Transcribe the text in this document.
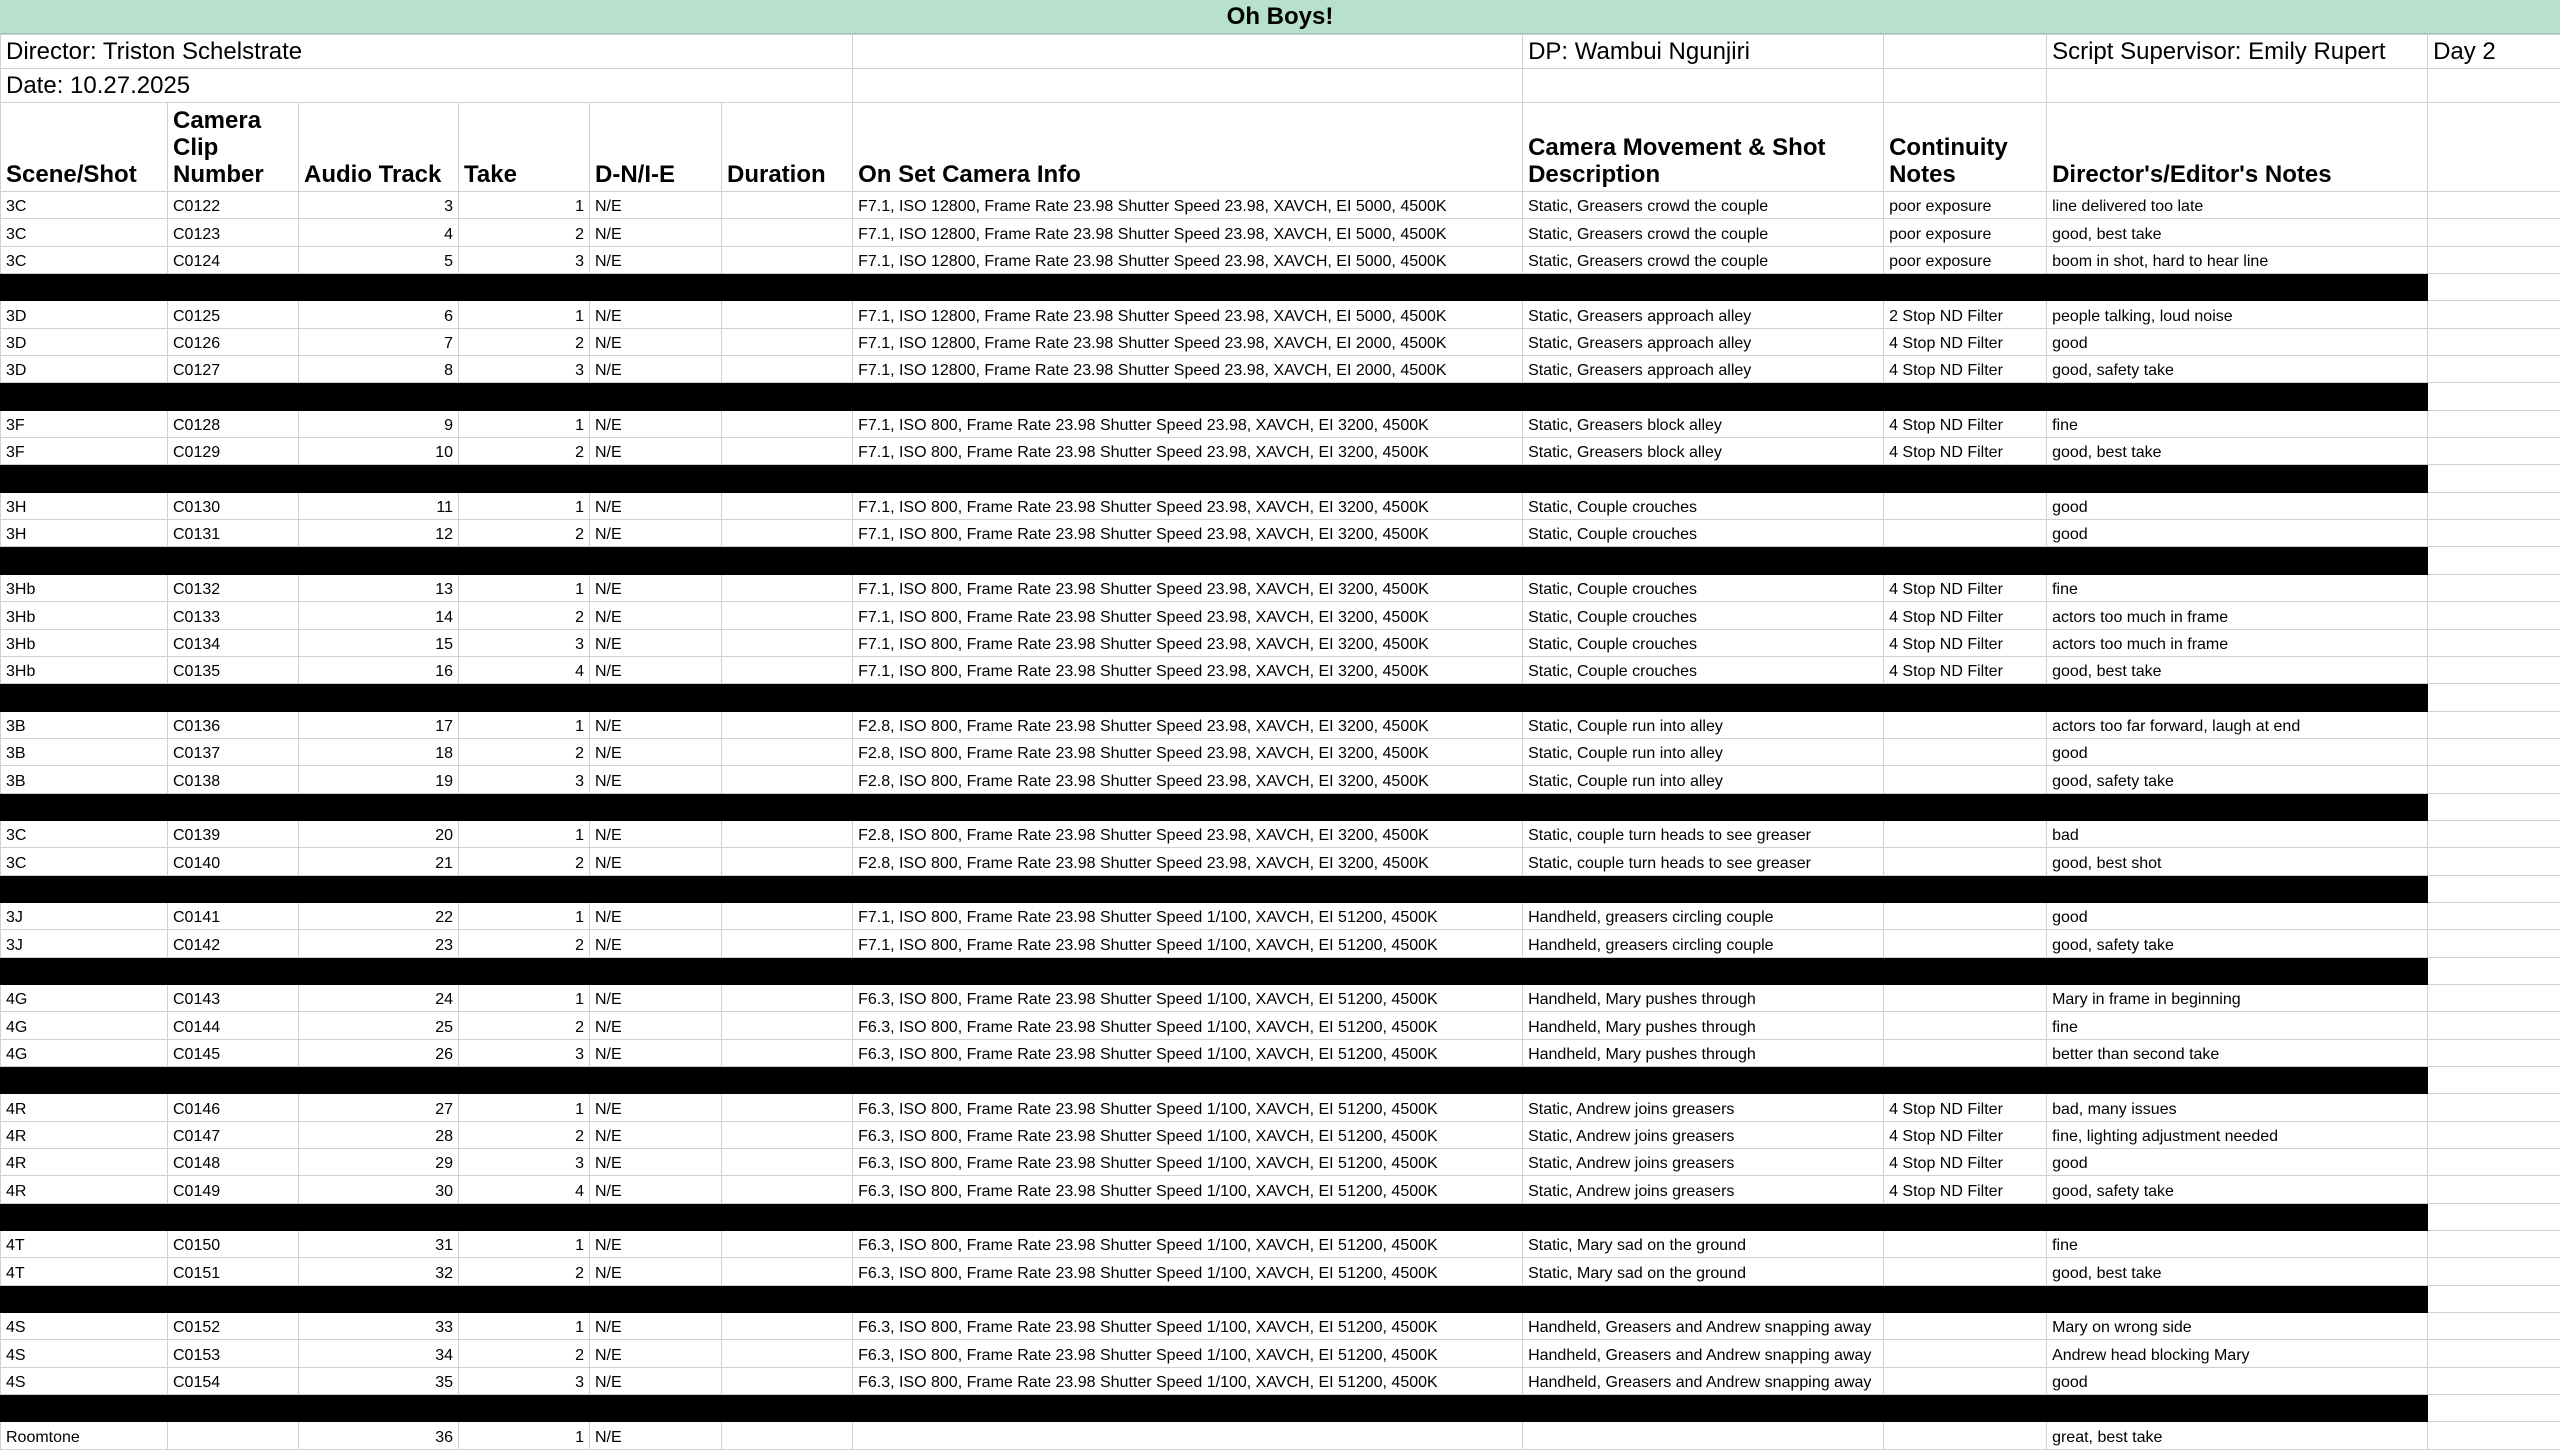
Oh Boys!
Director: Triston Schelstrate							DP: Wambui Ngunjiri		Script Supervisor: Emily Rupert	Day 2
Date: 10.27.2025										
Scene/Shot	Camera Clip Number	Audio Track	Take	D-N/I-E	Duration	On Set Camera Info	Camera Movement & Shot Description	Continuity Notes	Director's/Editor's Notes	
3C	C0122	3	1	N/E		F7.1, ISO 12800, Frame Rate 23.98 Shutter Speed 23.98, XAVCH, EI 5000, 4500K	Static, Greasers crowd the couple	poor exposure	line delivered too late	
3C	C0123	4	2	N/E		F7.1, ISO 12800, Frame Rate 23.98 Shutter Speed 23.98, XAVCH, EI 5000, 4500K	Static, Greasers crowd the couple	poor exposure	good, best take	
3C	C0124	5	3	N/E		F7.1, ISO 12800, Frame Rate 23.98 Shutter Speed 23.98, XAVCH, EI 5000, 4500K	Static, Greasers crowd the couple	poor exposure	boom in shot, hard to hear line	

3D	C0125	6	1	N/E		F7.1, ISO 12800, Frame Rate 23.98 Shutter Speed 23.98, XAVCH, EI 5000, 4500K	Static, Greasers approach alley	2 Stop ND Filter	people talking, loud noise	
3D	C0126	7	2	N/E		F7.1, ISO 12800, Frame Rate 23.98 Shutter Speed 23.98, XAVCH, EI 2000, 4500K	Static, Greasers approach alley	4 Stop ND Filter	good	
3D	C0127	8	3	N/E		F7.1, ISO 12800, Frame Rate 23.98 Shutter Speed 23.98, XAVCH, EI 2000, 4500K	Static, Greasers approach alley	4 Stop ND Filter	good, safety take	

3F	C0128	9	1	N/E		F7.1, ISO 800, Frame Rate 23.98 Shutter Speed 23.98, XAVCH, EI 3200, 4500K	Static, Greasers block alley	4 Stop ND Filter	fine	
3F	C0129	10	2	N/E		F7.1, ISO 800, Frame Rate 23.98 Shutter Speed 23.98, XAVCH, EI 3200, 4500K	Static, Greasers block alley	4 Stop ND Filter	good, best take	

3H	C0130	11	1	N/E		F7.1, ISO 800, Frame Rate 23.98 Shutter Speed 23.98, XAVCH, EI 3200, 4500K	Static, Couple crouches		good	
3H	C0131	12	2	N/E		F7.1, ISO 800, Frame Rate 23.98 Shutter Speed 23.98, XAVCH, EI 3200, 4500K	Static, Couple crouches		good	

3Hb	C0132	13	1	N/E		F7.1, ISO 800, Frame Rate 23.98 Shutter Speed 23.98, XAVCH, EI 3200, 4500K	Static, Couple crouches	4 Stop ND Filter	fine	
3Hb	C0133	14	2	N/E		F7.1, ISO 800, Frame Rate 23.98 Shutter Speed 23.98, XAVCH, EI 3200, 4500K	Static, Couple crouches	4 Stop ND Filter	actors too much in frame	
3Hb	C0134	15	3	N/E		F7.1, ISO 800, Frame Rate 23.98 Shutter Speed 23.98, XAVCH, EI 3200, 4500K	Static, Couple crouches	4 Stop ND Filter	actors too much in frame	
3Hb	C0135	16	4	N/E		F7.1, ISO 800, Frame Rate 23.98 Shutter Speed 23.98, XAVCH, EI 3200, 4500K	Static, Couple crouches	4 Stop ND Filter	good, best take	

3B	C0136	17	1	N/E		F2.8, ISO 800, Frame Rate 23.98 Shutter Speed 23.98, XAVCH, EI 3200, 4500K	Static, Couple run into alley		actors too far forward, laugh at end	
3B	C0137	18	2	N/E		F2.8, ISO 800, Frame Rate 23.98 Shutter Speed 23.98, XAVCH, EI 3200, 4500K	Static, Couple run into alley		good	
3B	C0138	19	3	N/E		F2.8, ISO 800, Frame Rate 23.98 Shutter Speed 23.98, XAVCH, EI 3200, 4500K	Static, Couple run into alley		good, safety take	

3C	C0139	20	1	N/E		F2.8, ISO 800, Frame Rate 23.98 Shutter Speed 23.98, XAVCH, EI 3200, 4500K	Static, couple turn heads to see greaser		bad	
3C	C0140	21	2	N/E		F2.8, ISO 800, Frame Rate 23.98 Shutter Speed 23.98, XAVCH, EI 3200, 4500K	Static, couple turn heads to see greaser		good, best shot	

3J	C0141	22	1	N/E		F7.1, ISO 800, Frame Rate 23.98 Shutter Speed 1/100, XAVCH, EI 51200, 4500K	Handheld, greasers circling couple		good	
3J	C0142	23	2	N/E		F7.1, ISO 800, Frame Rate 23.98 Shutter Speed 1/100, XAVCH, EI 51200, 4500K	Handheld, greasers circling couple		good, safety take	

4G	C0143	24	1	N/E		F6.3, ISO 800, Frame Rate 23.98 Shutter Speed 1/100, XAVCH, EI 51200, 4500K	Handheld, Mary pushes through		Mary in frame in beginning	
4G	C0144	25	2	N/E		F6.3, ISO 800, Frame Rate 23.98 Shutter Speed 1/100, XAVCH, EI 51200, 4500K	Handheld, Mary pushes through		fine	
4G	C0145	26	3	N/E		F6.3, ISO 800, Frame Rate 23.98 Shutter Speed 1/100, XAVCH, EI 51200, 4500K	Handheld, Mary pushes through		better than second take	

4R	C0146	27	1	N/E		F6.3, ISO 800, Frame Rate 23.98 Shutter Speed 1/100, XAVCH, EI 51200, 4500K	Static, Andrew joins greasers	4 Stop ND Filter	bad, many issues	
4R	C0147	28	2	N/E		F6.3, ISO 800, Frame Rate 23.98 Shutter Speed 1/100, XAVCH, EI 51200, 4500K	Static, Andrew joins greasers	4 Stop ND Filter	fine, lighting adjustment needed	
4R	C0148	29	3	N/E		F6.3, ISO 800, Frame Rate 23.98 Shutter Speed 1/100, XAVCH, EI 51200, 4500K	Static, Andrew joins greasers	4 Stop ND Filter	good	
4R	C0149	30	4	N/E		F6.3, ISO 800, Frame Rate 23.98 Shutter Speed 1/100, XAVCH, EI 51200, 4500K	Static, Andrew joins greasers	4 Stop ND Filter	good, safety take	

4T	C0150	31	1	N/E		F6.3, ISO 800, Frame Rate 23.98 Shutter Speed 1/100, XAVCH, EI 51200, 4500K	Static, Mary sad on the ground		fine	
4T	C0151	32	2	N/E		F6.3, ISO 800, Frame Rate 23.98 Shutter Speed 1/100, XAVCH, EI 51200, 4500K	Static, Mary sad on the ground		good, best take	

4S	C0152	33	1	N/E		F6.3, ISO 800, Frame Rate 23.98 Shutter Speed 1/100, XAVCH, EI 51200, 4500K	Handheld, Greasers and Andrew snapping away		Mary on wrong side	
4S	C0153	34	2	N/E		F6.3, ISO 800, Frame Rate 23.98 Shutter Speed 1/100, XAVCH, EI 51200, 4500K	Handheld, Greasers and Andrew snapping away		Andrew head blocking Mary	
4S	C0154	35	3	N/E		F6.3, ISO 800, Frame Rate 23.98 Shutter Speed 1/100, XAVCH, EI 51200, 4500K	Handheld, Greasers and Andrew snapping away		good	

Roomtone		36	1	N/E					great, best take	
